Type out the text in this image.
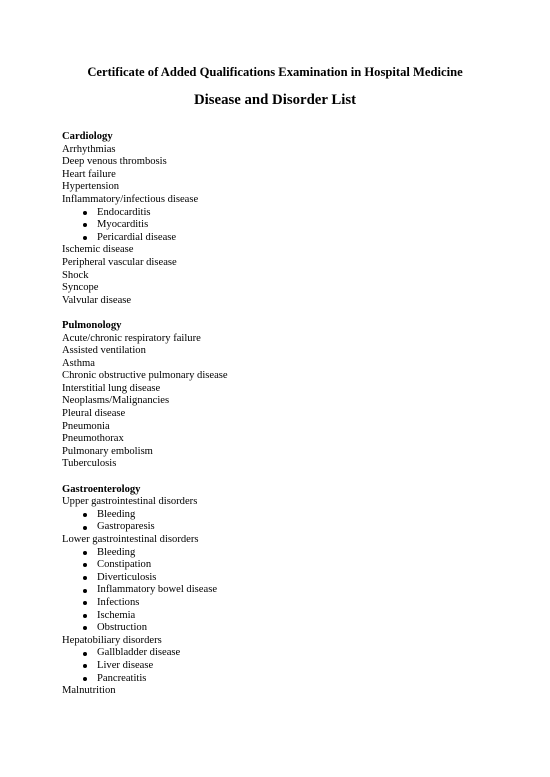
Certificate of Added Qualifications Examination in Hospital Medicine
Disease and Disorder List
Cardiology
Arrhythmias
Deep venous thrombosis
Heart failure
Hypertension
Inflammatory/infectious disease
Endocarditis
Myocarditis
Pericardial disease
Ischemic disease
Peripheral vascular disease
Shock
Syncope
Valvular disease
Pulmonology
Acute/chronic respiratory failure
Assisted ventilation
Asthma
Chronic obstructive pulmonary disease
Interstitial lung disease
Neoplasms/Malignancies
Pleural disease
Pneumonia
Pneumothorax
Pulmonary embolism
Tuberculosis
Gastroenterology
Upper gastrointestinal disorders
Bleeding
Gastroparesis
Lower gastrointestinal disorders
Bleeding
Constipation
Diverticulosis
Inflammatory bowel disease
Infections
Ischemia
Obstruction
Hepatobiliary disorders
Gallbladder disease
Liver disease
Pancreatitis
Malnutrition
